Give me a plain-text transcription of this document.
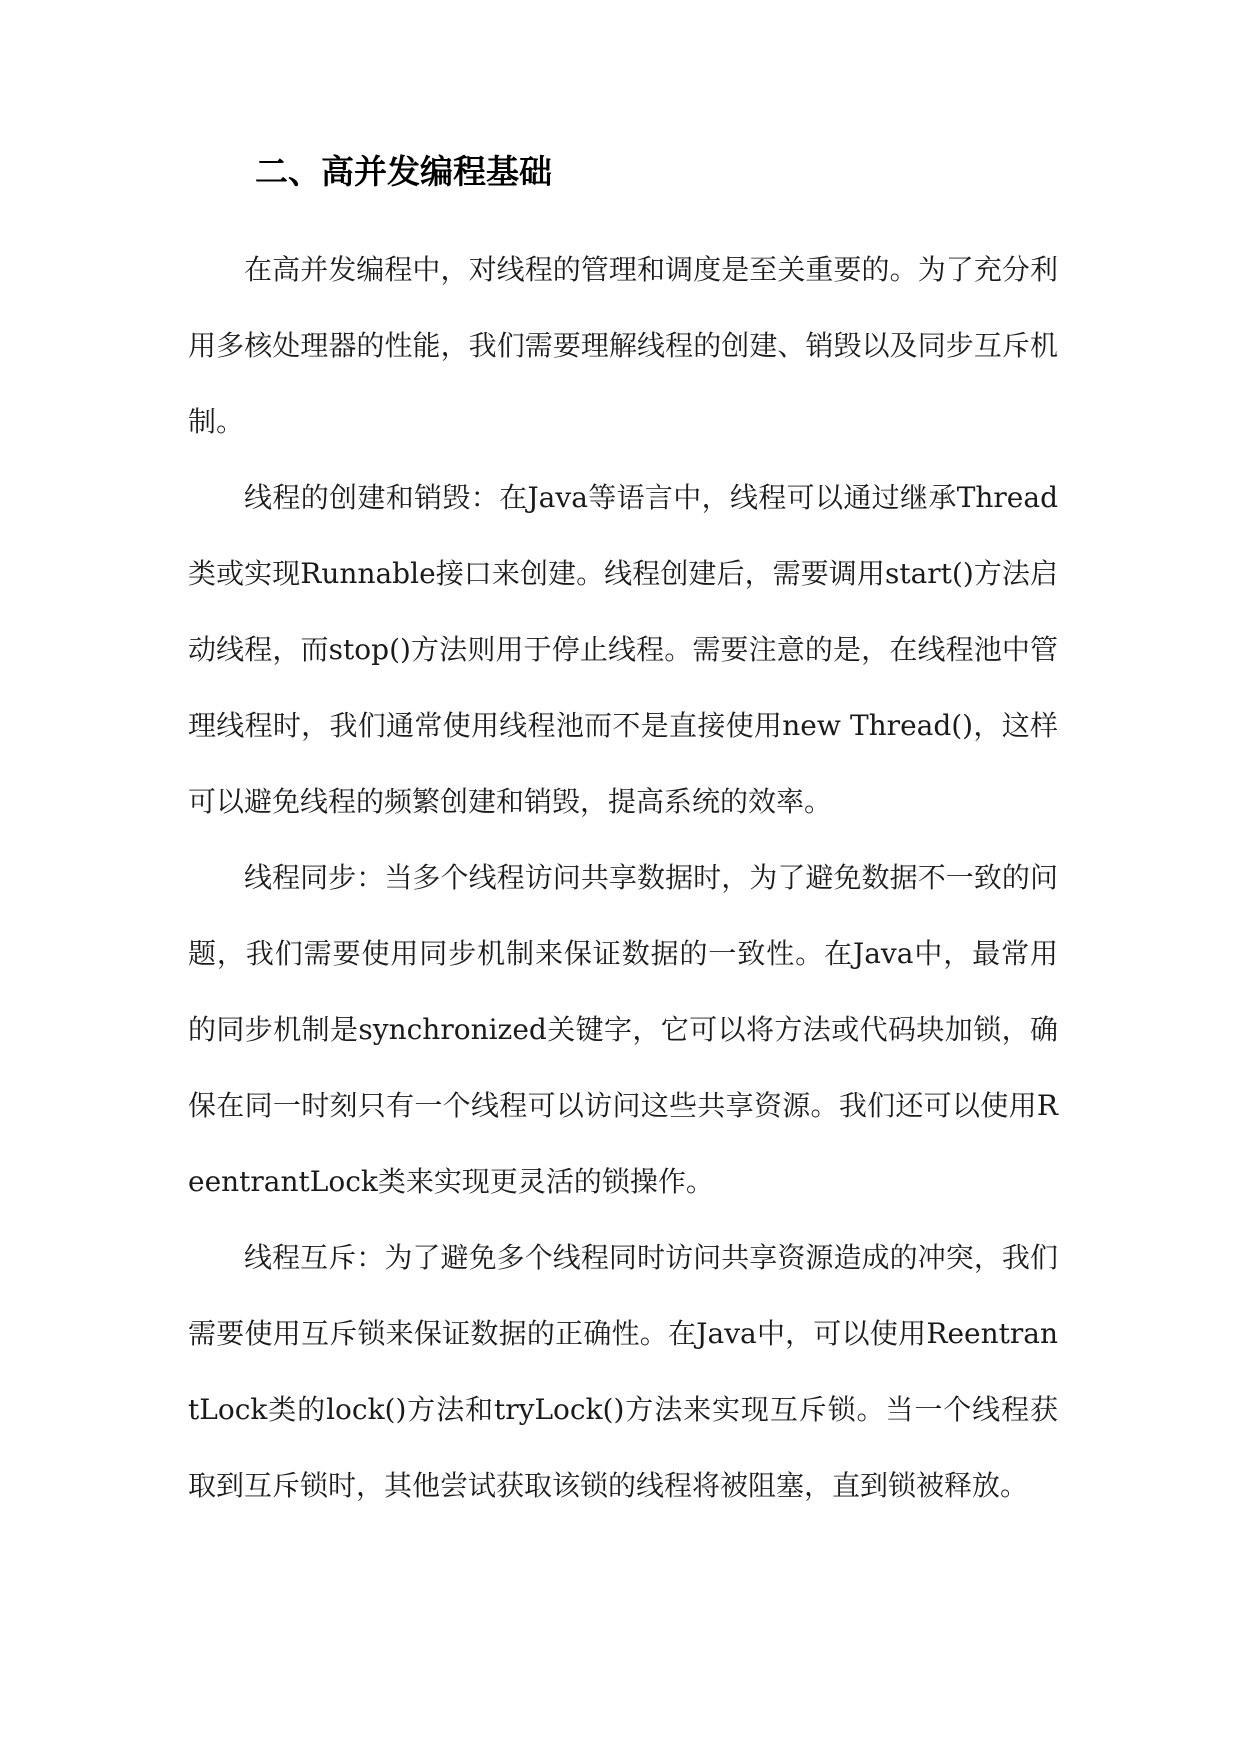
二、高并发编程基础

在高并发编程中，对线程的管理和调度是至关重要的。为了充分利用多核处理器的性能，我们需要理解线程的创建、销毁以及同步互斥机制。

线程的创建和销毁：在Java等语言中，线程可以通过继承Thread类或实现Runnable接口来创建。线程创建后，需要调用start()方法启动线程，而stop()方法则用于停止线程。需要注意的是，在线程池中管理线程时，我们通常使用线程池而不是直接使用new Thread()，这样可以避免线程的频繁创建和销毁，提高系统的效率。

线程同步：当多个线程访问共享数据时，为了避免数据不一致的问题，我们需要使用同步机制来保证数据的一致性。在Java中，最常用的同步机制是synchronized关键字，它可以将方法或代码块加锁，确保在同一时刻只有一个线程可以访问这些共享资源。我们还可以使用ReentrantLock类来实现更灵活的锁操作。

线程互斥：为了避免多个线程同时访问共享资源造成的冲突，我们需要使用互斥锁来保证数据的正确性。在Java中，可以使用ReentrantLock类的lock()方法和tryLock()方法来实现互斥锁。当一个线程获取到互斥锁时，其他尝试获取该锁的线程将被阻塞，直到锁被释放。
